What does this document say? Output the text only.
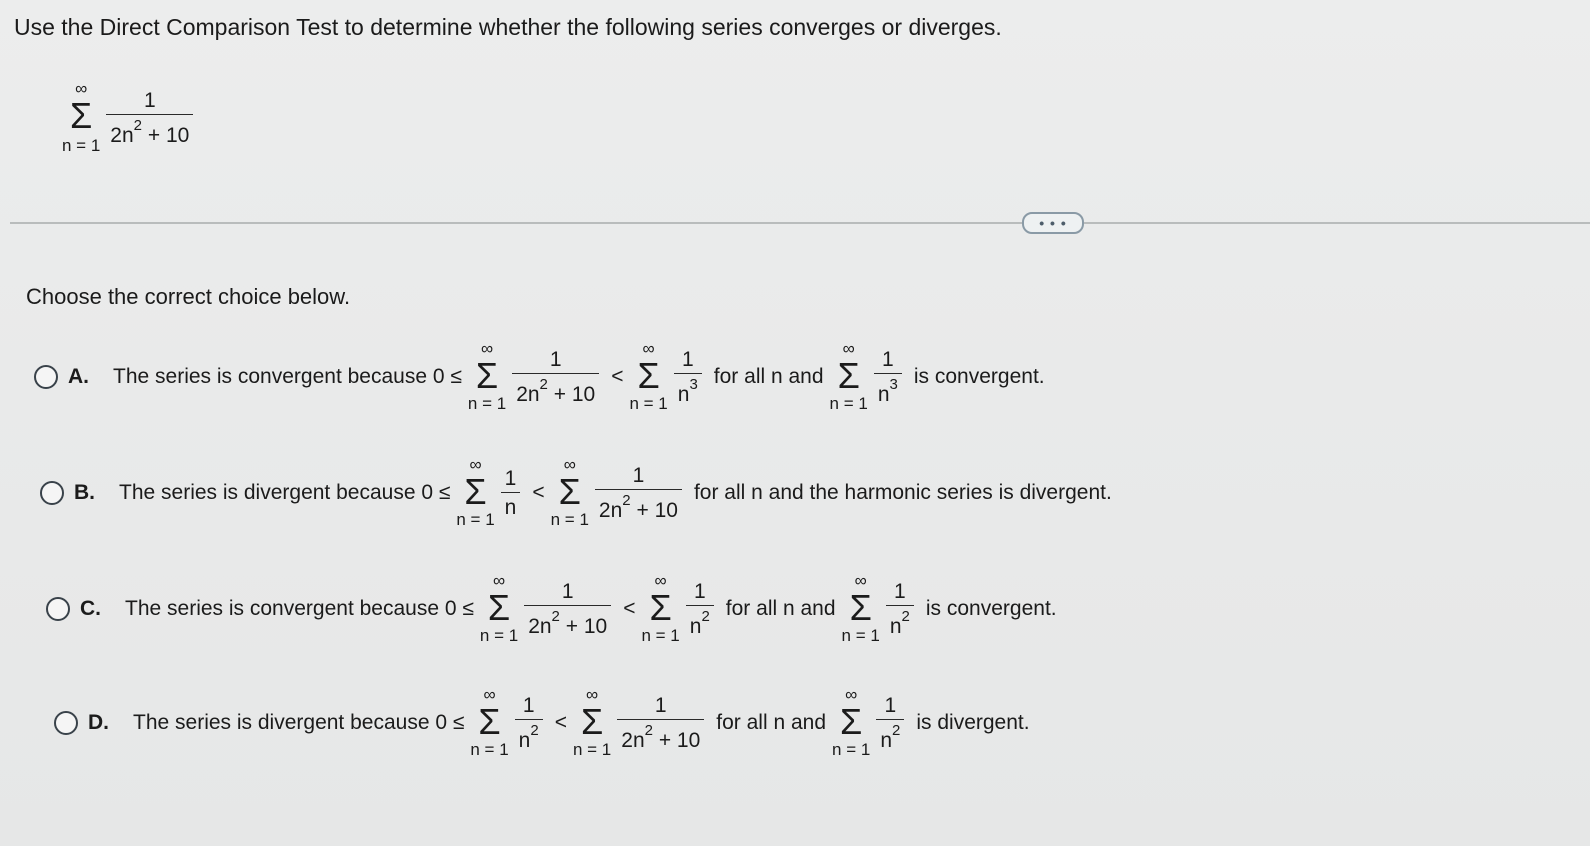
Use the Direct Comparison Test to determine whether the following series converges or diverges.
∞
Σ
$n = 1 \frac{1}{2n^2 + 10}$
• • •
Choose the correct choice below.
A. The series is convergent because 0 ≤
∞
Σ
$n = 1 \frac{1}{2n^2 + 10}$ <
∞
Σ
$n = 1 \frac{1}{n^3}$ for all n and
∞
Σ
$n = 1 \frac{1}{n^3}$ is convergent.
B. The series is divergent because 0 ≤
∞
Σ
$n = 1 \frac{1}{n}$ <
∞
Σ
$n = 1 \frac{1}{2n^2 + 10}$ for all n and the harmonic series is divergent.
C. The series is convergent because 0 ≤
∞
Σ
$n = 1 \frac{1}{2n^2 + 10}$ <
∞
Σ
$n = 1 \frac{1}{n^2}$ for all n and
∞
Σ
$n = 1 \frac{1}{n^2}$ is convergent.
D. The series is divergent because 0 ≤
∞
Σ
$n = 1 \frac{1}{n^2}$ <
∞
Σ
$n = 1 \frac{1}{2n^2 + 10}$ for all n and
∞
Σ
$n = 1 \frac{1}{n^2}$ is divergent.
